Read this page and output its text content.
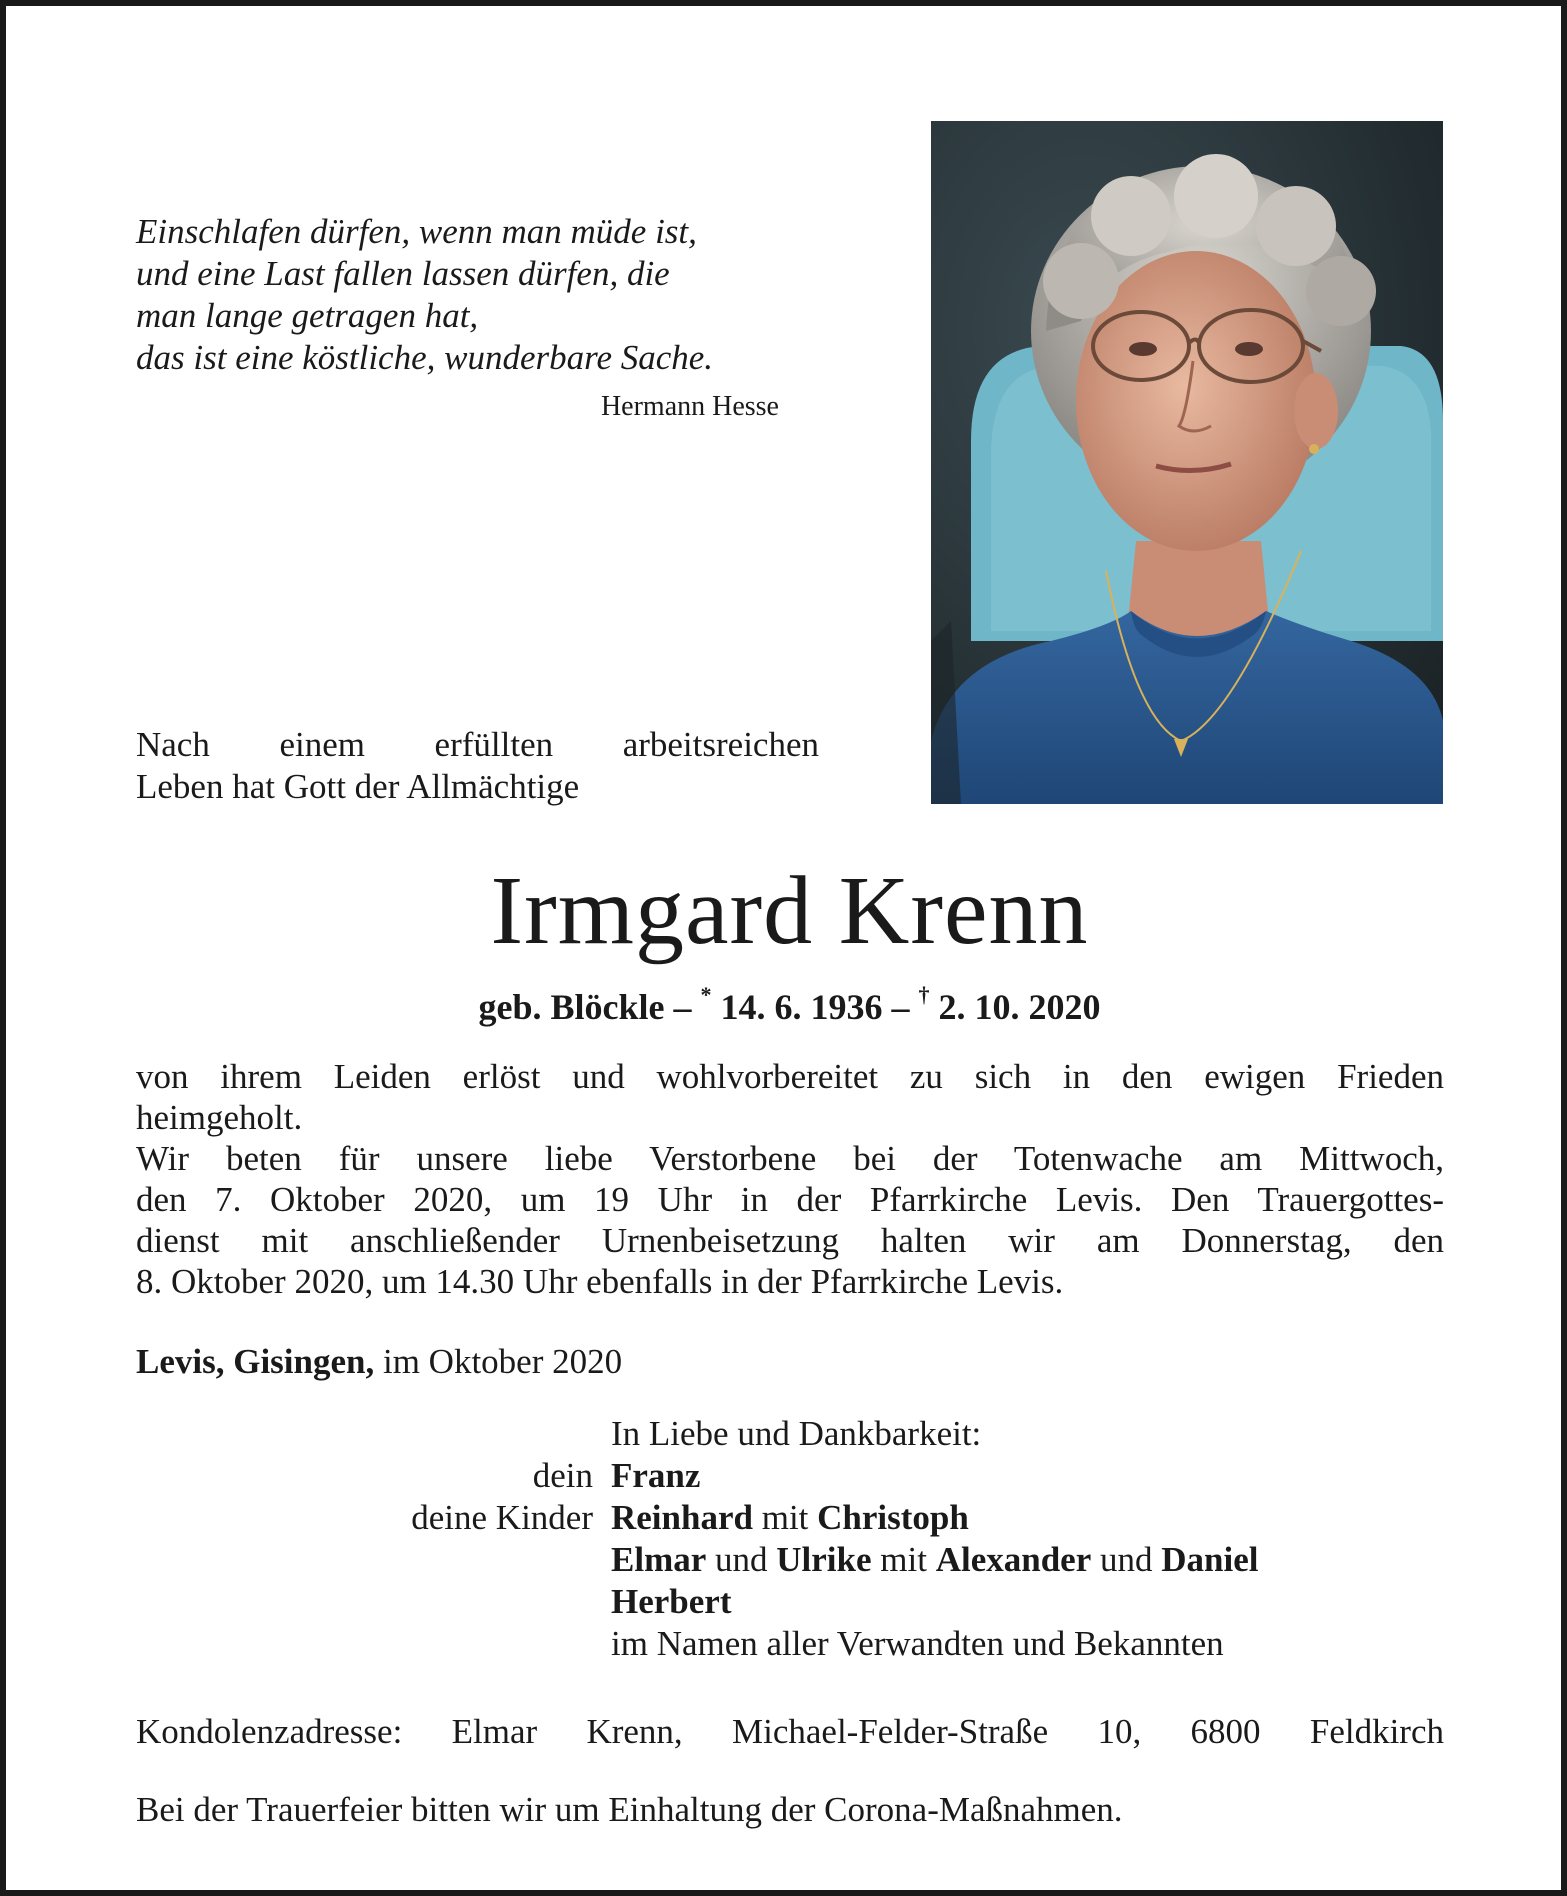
Einschlafen dürfen, wenn man müde ist,
und eine Last fallen lassen dürfen, die
man lange getragen hat,
das ist eine köstliche, wunderbare Sache.
Hermann Hesse
Nach einem erfüllten arbeitsreichen
Leben hat Gott der Allmächtige
Irmgard Krenn
geb. Blöckle – * 14. 6. 1936 – † 2. 10. 2020
von ihrem Leiden erlöst und wohlvorbereitet zu sich in den ewigen Frieden
heimgeholt.
Wir beten für unsere liebe Verstorbene bei der Totenwache am Mittwoch,
den 7. Oktober 2020, um 19 Uhr in der Pfarrkirche Levis. Den Trauergottes-
dienst mit anschließender Urnenbeisetzung halten wir am Donnerstag, den
8. Oktober 2020, um 14.30 Uhr ebenfalls in der Pfarrkirche Levis.
Levis, Gisingen, im Oktober 2020
In Liebe und Dankbarkeit:
dein Franz
deine Kinder Reinhard mit Christoph
Elmar und Ulrike mit Alexander und Daniel
Herbert
im Namen aller Verwandten und Bekannten
Kondolenzadresse: Elmar Krenn, Michael-Felder-Straße 10, 6800 Feldkirch
Bei der Trauerfeier bitten wir um Einhaltung der Corona-Maßnahmen.
